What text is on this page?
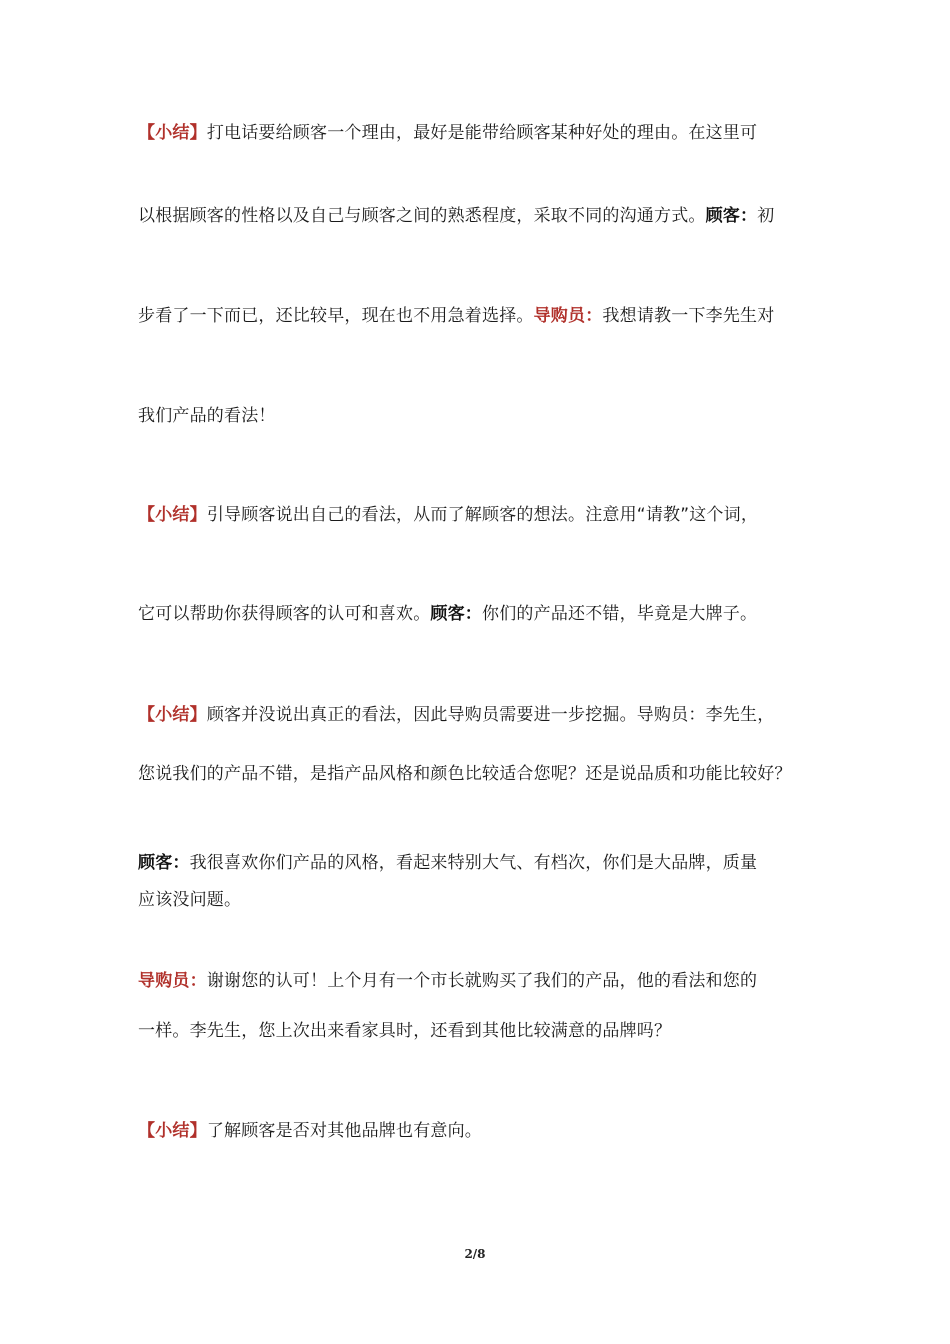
【小结】打电话要给顾客一个理由，最好是能带给顾客某种好处的理由。在这里可
以根据顾客的性格以及自己与顾客之间的熟悉程度，采取不同的沟通方式。顾客：初
步看了一下而已，还比较早，现在也不用急着选择。导购员：我想请教一下李先生对
我们产品的看法！
【小结】引导顾客说出自己的看法，从而了解顾客的想法。注意用“请教”这个词，
它可以帮助你获得顾客的认可和喜欢。顾客：你们的产品还不错，毕竟是大牌子。
【小结】顾客并没说出真正的看法，因此导购员需要进一步挖掘。导购员：李先生，
您说我们的产品不错，是指产品风格和颜色比较适合您呢？还是说品质和功能比较好？
顾客：我很喜欢你们产品的风格，看起来特别大气、有档次，你们是大品牌，质量
应该没问题。
导购员：谢谢您的认可！上个月有一个市长就购买了我们的产品，他的看法和您的
一样。李先生，您上次出来看家具时，还看到其他比较满意的品牌吗？
【小结】了解顾客是否对其他品牌也有意向。
2/8
